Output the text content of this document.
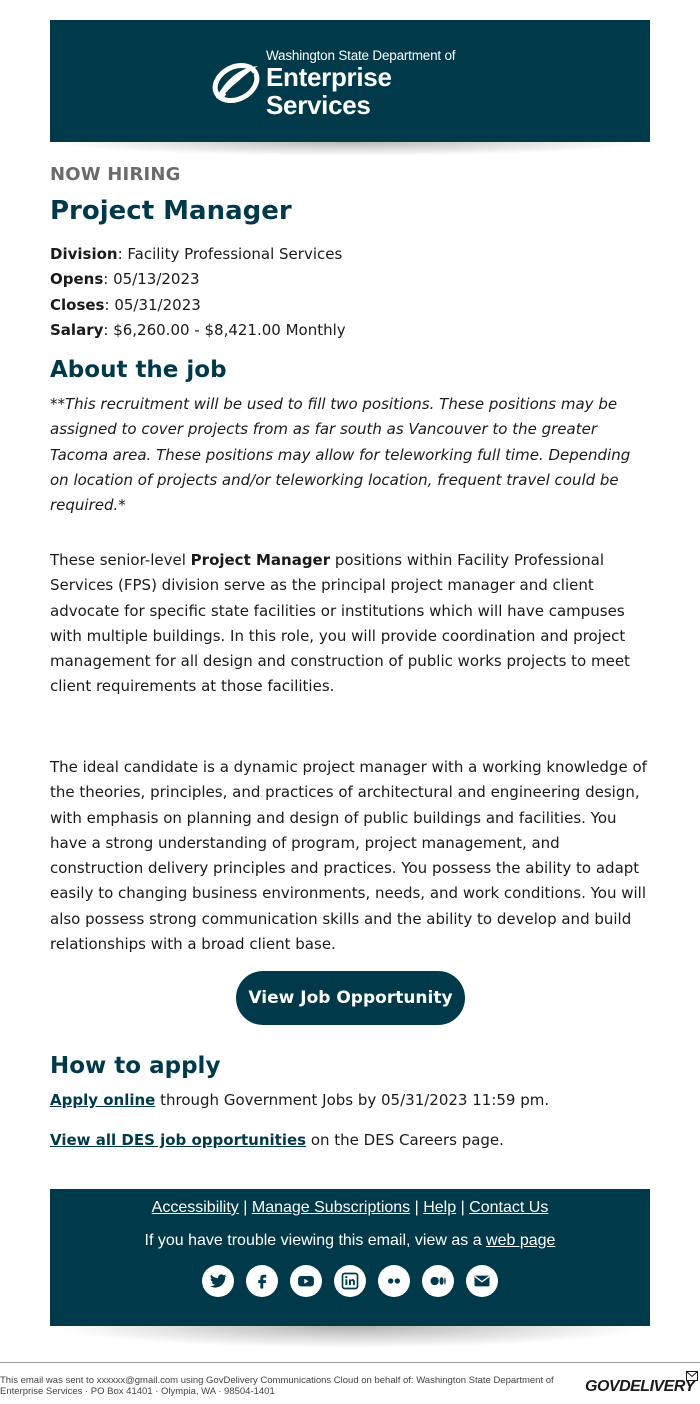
Washington State Department of
Enterprise Services
NOW HIRING
Project Manager
Division: Facility Professional Services
Opens: 05/13/2023
Closes: 05/31/2023
Salary: $6,260.00 - $8,421.00 Monthly
About the job
**This recruitment will be used to fill two positions. These positions may be assigned to cover projects from as far south as Vancouver to the greater Tacoma area. These positions may allow for teleworking full time. Depending on location of projects and/or teleworking location, frequent travel could be required.*
These senior-level Project Manager positions within Facility Professional Services (FPS) division serve as the principal project manager and client advocate for specific state facilities or institutions which will have campuses with multiple buildings. In this role, you will provide coordination and project management for all design and construction of public works projects to meet client requirements at those facilities.
The ideal candidate is a dynamic project manager with a working knowledge of the theories, principles, and practices of architectural and engineering design, with emphasis on planning and design of public buildings and facilities. You have a strong understanding of program, project management, and construction delivery principles and practices. You possess the ability to adapt easily to changing business environments, needs, and work conditions. You will also possess strong communication skills and the ability to develop and build relationships with a broad client base.
View Job Opportunity
How to apply
Apply online through Government Jobs by 05/31/2023 11:59 pm.
View all DES job opportunities on the DES Careers page.
Accessibility | Manage Subscriptions | Help | Contact Us
If you have trouble viewing this email, view as a web page
This email was sent to xxxxxx@gmail.com using GovDelivery Communications Cloud on behalf of: Washington State Department of Enterprise Services · PO Box 41401 · Olympia, WA · 98504-1401	GOVDELIVERY
